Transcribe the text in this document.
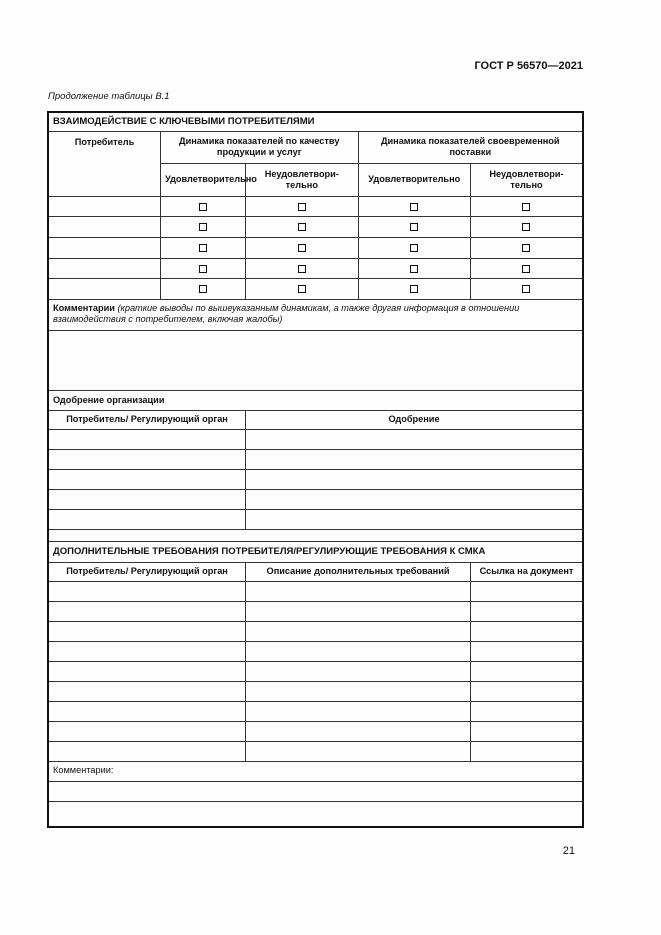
ГОСТ Р 56570—2021
Продолжение таблицы В.1
ВЗАИМОДЕЙСТВИЕ С КЛЮЧЕВЫМИ ПОТРЕБИТЕЛЯМИ				
Потребитель	Динамика показателей по качеству продукции и услуг		Динамика показателей своевременной поставки	
	Удовлетворительно	Неудовлетвори-тельно	Удовлетворительно	Неудовлетвори-тельно

Комментарии (краткие выводы по вышеуказанным динамикам, а также другая информация в отношении взаимодействия с потребителем, включая жалобы)				

Одобрение организации				
Потребитель/ Регулирующий орган		Одобрение		

ДОПОЛНИТЕЛЬНЫЕ ТРЕБОВАНИЯ ПОТРЕБИТЕЛЯ/РЕГУЛИРУЮЩИЕ ТРЕБОВАНИЯ К СМКА				
Потребитель/ Регулирующий орган		Описание дополнительных требований		Ссылка на документ

Комментарии:				

21
